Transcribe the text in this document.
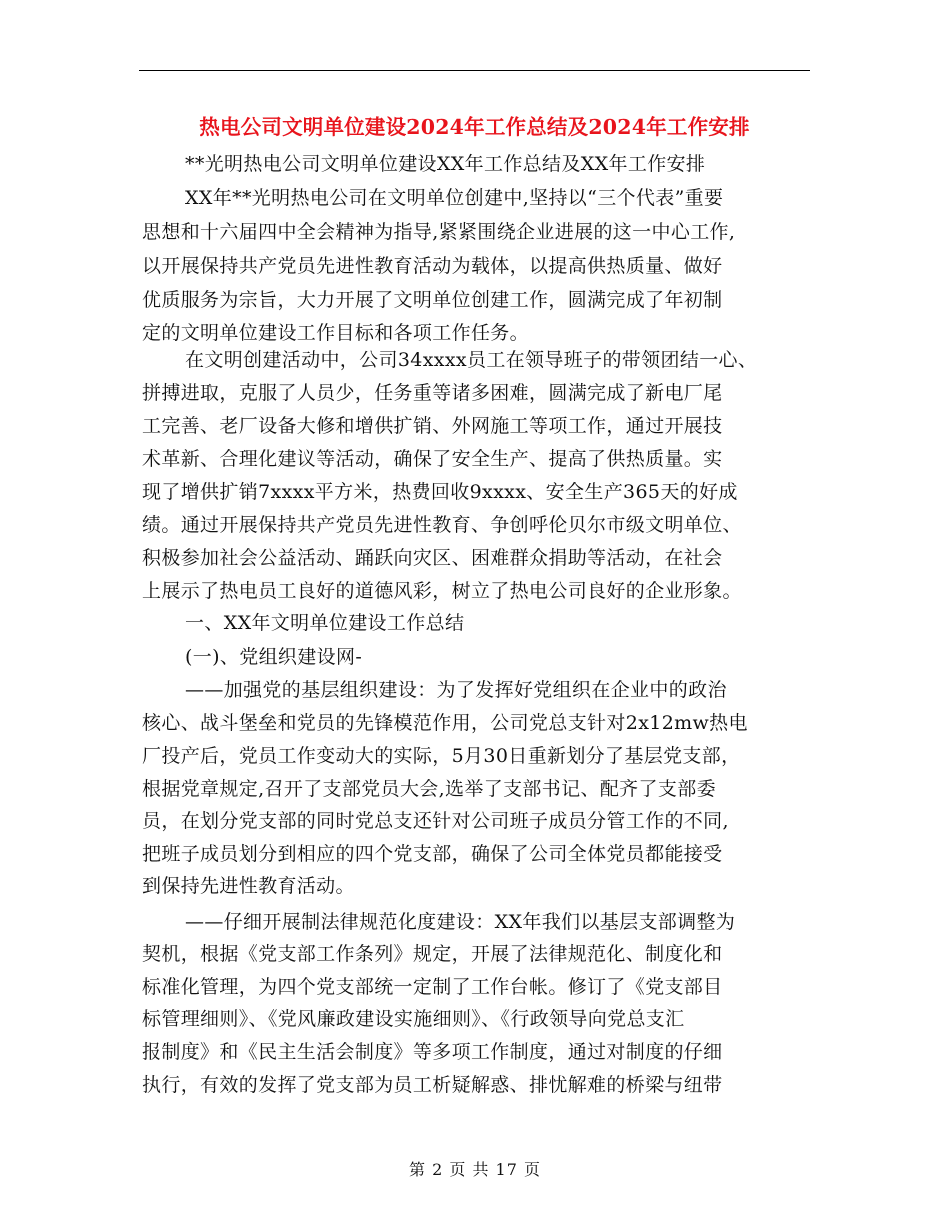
热电公司文明单位建设2024年工作总结及2024年工作安排
**光明热电公司文明单位建设XX年工作总结及XX年工作安排
XX年**光明热电公司在文明单位创建中,坚持以“三个代表”重要
思想和十六届四中全会精神为指导,紧紧围绕企业进展的这一中心工作,
以开展保持共产党员先进性教育活动为载体，以提高供热质量、做好
优质服务为宗旨，大力开展了文明单位创建工作，圆满完成了年初制
定的文明单位建设工作目标和各项工作任务。
在文明创建活动中，公司34xxxx员工在领导班子的带领团结一心、
拼搏进取，克服了人员少，任务重等诸多困难，圆满完成了新电厂尾
工完善、老厂设备大修和增供扩销、外网施工等项工作，通过开展技
术革新、合理化建议等活动，确保了安全生产、提高了供热质量。实
现了增供扩销7xxxx平方米，热费回收9xxxx、安全生产365天的好成
绩。通过开展保持共产党员先进性教育、争创呼伦贝尔市级文明单位、
积极参加社会公益活动、踊跃向灾区、困难群众捐助等活动，在社会
上展示了热电员工良好的道德风彩，树立了热电公司良好的企业形象。
一、XX年文明单位建设工作总结
(一)、党组织建设网-
——加强党的基层组织建设：为了发挥好党组织在企业中的政治
核心、战斗堡垒和党员的先锋模范作用，公司党总支针对2x12mw热电
厂投产后，党员工作变动大的实际，5月30日重新划分了基层党支部，
根据党章规定,召开了支部党员大会,选举了支部书记、配齐了支部委
员，在划分党支部的同时党总支还针对公司班子成员分管工作的不同,
把班子成员划分到相应的四个党支部，确保了公司全体党员都能接受
到保持先进性教育活动。
——仔细开展制法律规范化度建设：XX年我们以基层支部调整为
契机，根据《党支部工作条列》规定，开展了法律规范化、制度化和
标准化管理，为四个党支部统一定制了工作台帐。修订了《党支部目
标管理细则》、《党风廉政建设实施细则》、《行政领导向党总支汇
报制度》和《民主生活会制度》等多项工作制度，通过对制度的仔细
执行，有效的发挥了党支部为员工析疑解惑、排忧解难的桥梁与纽带
第 2 页 共 17 页
